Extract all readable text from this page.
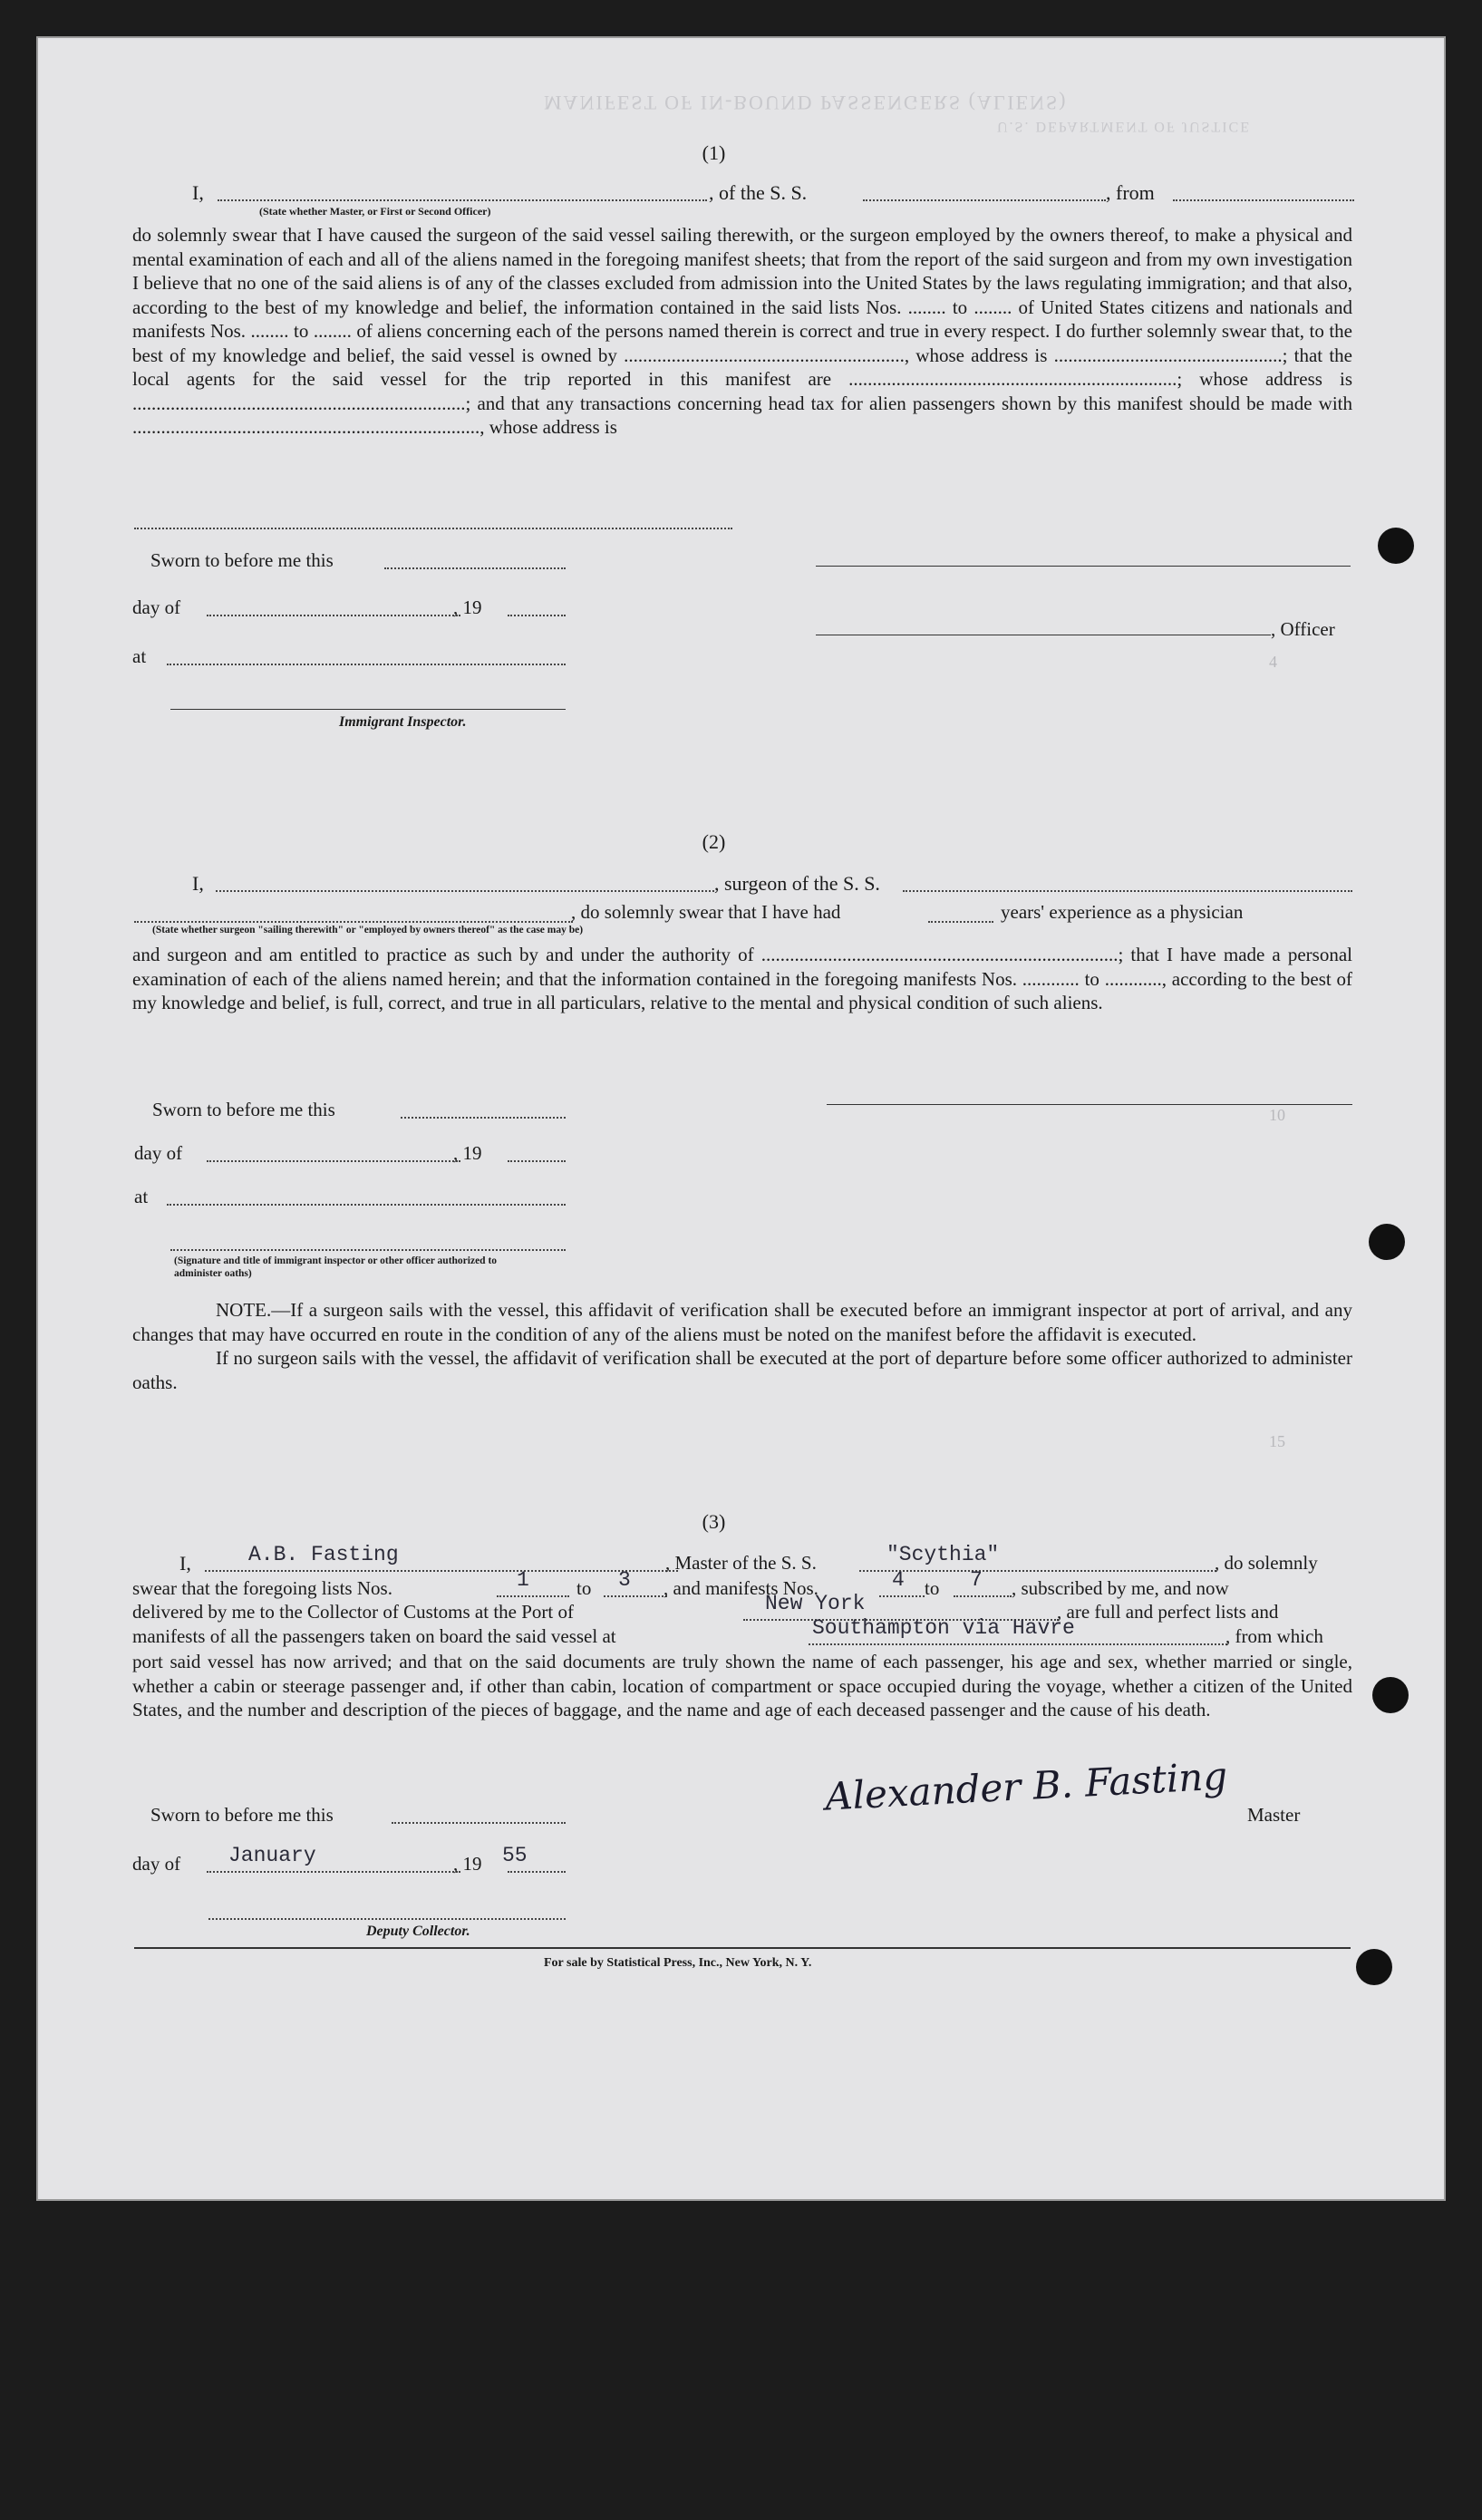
MANIFEST OF IN-BOUND PASSENGERS (ALIENS)
U.S. DEPARTMENT OF JUSTICE
4
10
15
(1)
I,
(State whether Master, or First or Second Officer)
, of the S. S.	, from

do solemnly swear that I have caused the surgeon of the said vessel sailing therewith, or the surgeon employed by the owners thereof, to make a physical and mental examination of each and all of the aliens named in the foregoing manifest sheets; that from the report of the said surgeon and from my own investigation I believe that no one of the said aliens is of any of the classes excluded from admission into the United States by the laws regulating immigration; and that also, according to the best of my knowledge and belief, the information contained in the said lists Nos. ........ to ........ of United States citizens and nationals and manifests Nos. ........ to ........ of aliens concerning each of the persons named therein is correct and true in every respect. I do further solemnly swear that, to the best of my knowledge and belief, the said vessel is owned by ..........................................................., whose address is ................................................; that the local agents for the said vessel for the trip reported in this manifest are .....................................................................; whose address is ......................................................................; and that any transactions concerning head tax for alien passengers shown by this manifest should be made with ........................................................................., whose address is

Sworn to before me this
day of	, 19
, Officer
at
Immigrant Inspector.
(2)
I,	, surgeon of the S. S.
, do solemnly swear that I have had	years' experience as a physician
(State whether surgeon "sailing therewith" or "employed by owners thereof" as the case may be)

and surgeon and am entitled to practice as such by and under the authority of ...........................................................................; that I have made a personal examination of each of the aliens named herein; and that the information contained in the foregoing manifests Nos. ............ to ............, according to the best of my knowledge and belief, is full, correct, and true in all particulars, relative to the mental and physical condition of such aliens.

Sworn to before me this
day of	, 19
at
(Signature and title of immigrant inspector or other officer authorized to administer oaths)

NOTE.—If a surgeon sails with the vessel, this affidavit of verification shall be executed before an immigrant inspector at port of arrival, and any changes that may have occurred en route in the condition of any of the aliens must be noted on the manifest before the affidavit is executed.

If no surgeon sails with the vessel, the affidavit of verification shall be executed at the port of departure before some officer authorized to administer oaths.

(3)
I,	A.B. Fasting	, Master of the S. S.	"Scythia"	, do solemnly
swear that the foregoing lists Nos.	1 to 3 , and manifests Nos.	4 to 7 , subscribed by me, and now
delivered by me to the Collector of Customs at the Port of	New York	, are full and perfect lists and
manifests of all the passengers taken on board the said vessel at	Southampton via Havre	, from which

port said vessel has now arrived; and that on the said documents are truly shown the name of each passenger, his age and sex, whether married or single, whether a cabin or steerage passenger and, if other than cabin, location of compartment or space occupied during the voyage, whether a citizen of the United States, and the number and description of the pieces of baggage, and the name and age of each deceased passenger and the cause of his death.

Sworn to before me this	Alexander B. Fasting Master
day of January	, 19 55
Deputy Collector.
For sale by Statistical Press, Inc., New York, N. Y.
